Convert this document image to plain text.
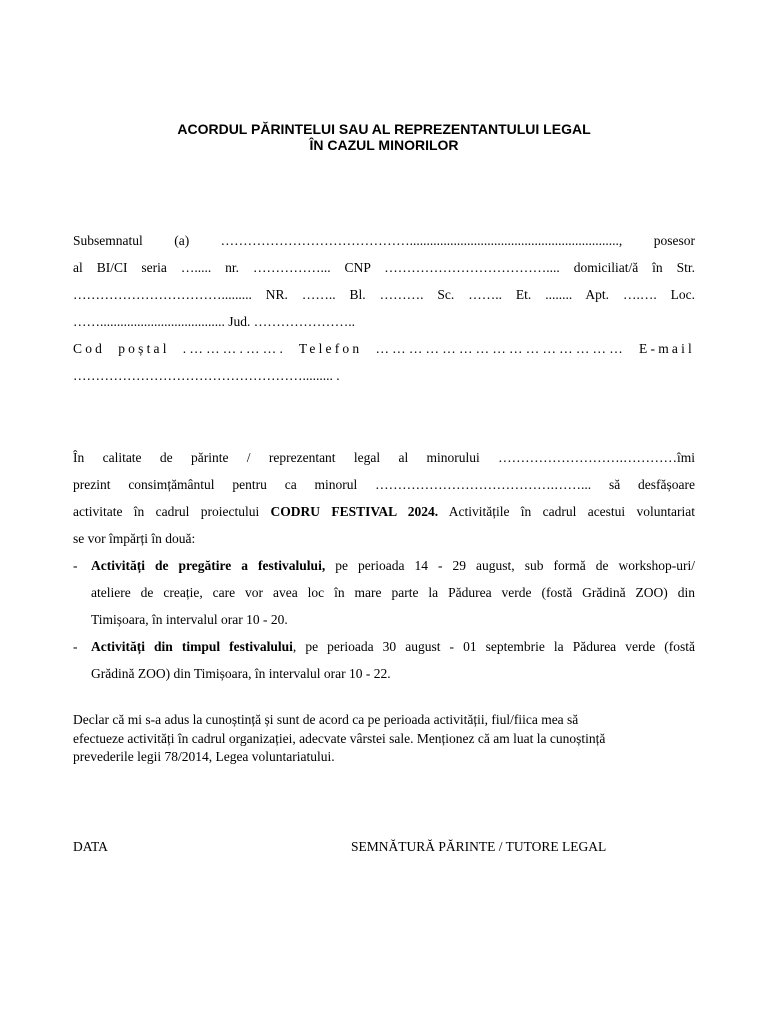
ACORDUL PĂRINTELUI SAU AL REPREZENTANTULUI LEGAL
ÎN CAZUL MINORILOR
Subsemnatul (a) …………………………………….............................................................., posesor
al BI/CI seria …..... nr. ……………... CNP ……………………………….... domiciliat/ă în Str.
……………………………......... NR. …….. Bl. ………. Sc. …….. Et. ........ Apt. ….…. Loc.
……..................................... Jud. …………………..
Cod poștal .……….……. Telefon ……………………………………… E-mail
……………………………………………......... .
În calitate de părinte / reprezentant legal al minorului ……………………….…………îmi
prezint consimțământul pentru ca minorul ………………………………….……... să desfășoare
activitate în cadrul proiectului CODRU FESTIVAL 2024. Activitățile în cadrul acestui voluntariat
se vor împărți în două:
- Activități de pregătire a festivalului, pe perioada 14 - 29 august, sub formă de workshop-uri/
ateliere de creație, care vor avea loc în mare parte la Pădurea verde (fostă Grădină ZOO) din
Timișoara, în intervalul orar 10 - 20.
- Activități din timpul festivalului, pe perioada 30 august - 01 septembrie la Pădurea verde (fostă
Grădină ZOO) din Timișoara, în intervalul orar 10 - 22.
Declar că mi s-a adus la cunoștință și sunt de acord ca pe perioada activității, fiul/fiica mea să
efectueze activități în cadrul organizației, adecvate vârstei sale. Menționez că am luat la cunoștință
prevederile legii 78/2014, Legea voluntariatului.
DATA	SEMNĂTURĂ PĂRINTE / TUTORE LEGAL
